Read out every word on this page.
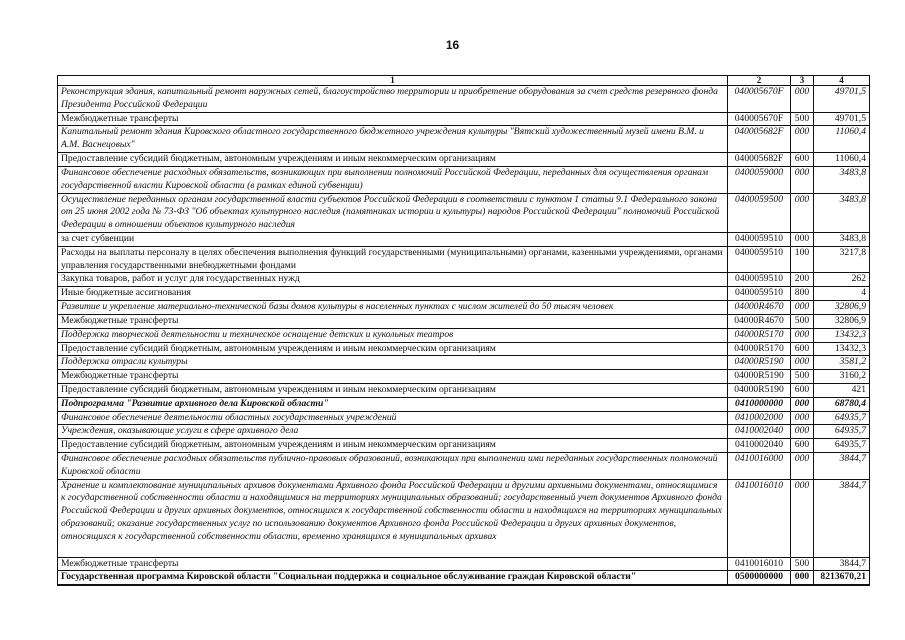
16
1	2	3	4
Реконструкция здания, капитальный ремонт наружных сетей, благоустройство территории и приобретение оборудования за счет средств резервного фонда Президента Российской Федерации	040005670F	000	49701,5
Межбюджетные трансферты	040005670F	500	49701,5
Капитальный ремонт здания Кировского областного государственного бюджетного учреждения культуры "Вятский художественный музей имени В.М. и А.М. Васнецовых"	040005682F	000	11060,4
Предоставление субсидий бюджетным, автономным учреждениям и иным некоммерческим организациям	040005682F	600	11060,4
Финансовое обеспечение расходных обязательств, возникающих при выполнении полномочий Российской Федерации, переданных для осуществления органам государственной власти Кировской области (в рамках единой субвенции)	0400059000	000	3483,8
Осуществление переданных органам государственной власти субъектов Российской Федерации в соответствии с пунктом 1 статьи 9.1 Федерального закона от 25 июня 2002 года № 73-ФЗ "Об объектах культурного наследия (памятниках истории и культуры) народов Российской Федерации" полномочий Российской Федерации в отношении объектов культурного наследия	0400059500	000	3483,8
за счет субвенции	0400059510	000	3483,8
Расходы на выплаты персоналу в целях обеспечения выполнения функций государственными (муниципальными) органами, казенными учреждениями, органами управления государственными внебюджетными фондами	0400059510	100	3217,8
Закупка товаров, работ и услуг для государственных нужд	0400059510	200	262
Иные бюджетные ассигнования	0400059510	800	4
Развитие и укрепление материально-технической базы домов культуры в населенных пунктах с числом жителей до 50 тысяч человек	04000R4670	000	32806,9
Межбюджетные трансферты	04000R4670	500	32806,9
Поддержка творческой деятельности и техническое оснащение детских и кукольных театров	04000R5170	000	13432,3
Предоставление субсидий бюджетным, автономным учреждениям и иным некоммерческим организациям	04000R5170	600	13432,3
Поддержка отрасли культуры	04000R5190	000	3581,2
Межбюджетные трансферты	04000R5190	500	3160,2
Предоставление субсидий бюджетным, автономным учреждениям и иным некоммерческим организациям	04000R5190	600	421
Подпрограмма "Развитие архивного дела Кировской области"	0410000000	000	68780,4
Финансовое обеспечение деятельности областных государственных учреждений	0410002000	000	64935,7
Учреждения, оказывающие услуги в сфере архивного дела	0410002040	000	64935,7
Предоставление субсидий бюджетным, автономным учреждениям и иным некоммерческим организациям	0410002040	600	64935,7
Финансовое обеспечение расходных обязательств публично-правовых образований, возникающих при выполнении ими переданных государственных полномочий Кировской области	0410016000	000	3844,7
Хранение и комплектование муниципальных архивов документами Архивного фонда Российской Федерации и другими архивными документами, относящимися к государственной собственности области и находящимися на территориях муниципальных образований; государственный учет документов Архивного фонда Российской Федерации и других архивных документов, относящихся к государственной собственности области и находящихся на территориях муниципальных образований; оказание государственных услуг по использованию документов Архивного фонда Российской Федерации и других архивных документов, относящихся к государственной собственности области, временно хранящихся в муниципальных архивах	0410016010	000	3844,7
Межбюджетные трансферты	0410016010	500	3844,7
Государственная программа Кировской области "Социальная поддержка и социальное обслуживание граждан Кировской области"	0500000000	000	8213670,21
